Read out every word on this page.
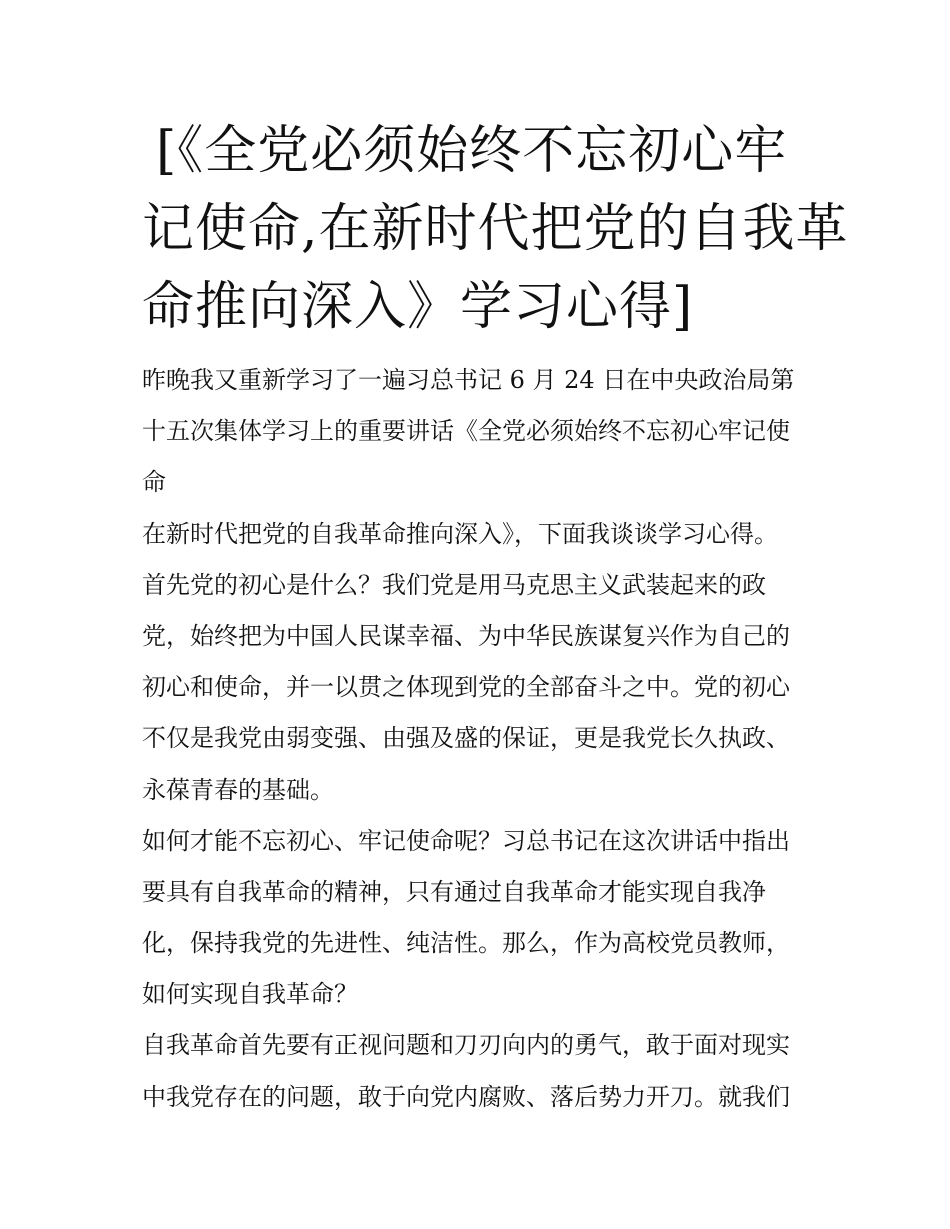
[《全党必须始终不忘初心牢
记使命,在新时代把党的自我革
命推向深入》学习心得]
昨晚我又重新学习了一遍习总书记 6 月 24 日在中央政治局第
十五次集体学习上的重要讲话《全党必须始终不忘初心牢记使
命
在新时代把党的自我革命推向深入》，下面我谈谈学习心得。
首先党的初心是什么？我们党是用马克思主义武装起来的政
党，始终把为中国人民谋幸福、为中华民族谋复兴作为自己的
初心和使命，并一以贯之体现到党的全部奋斗之中。党的初心
不仅是我党由弱变强、由强及盛的保证，更是我党长久执政、
永葆青春的基础。
如何才能不忘初心、牢记使命呢？习总书记在这次讲话中指出
要具有自我革命的精神，只有通过自我革命才能实现自我净
化，保持我党的先进性、纯洁性。那么，作为高校党员教师，
如何实现自我革命？
自我革命首先要有正视问题和刀刃向内的勇气，敢于面对现实
中我党存在的问题，敢于向党内腐败、落后势力开刀。就我们
